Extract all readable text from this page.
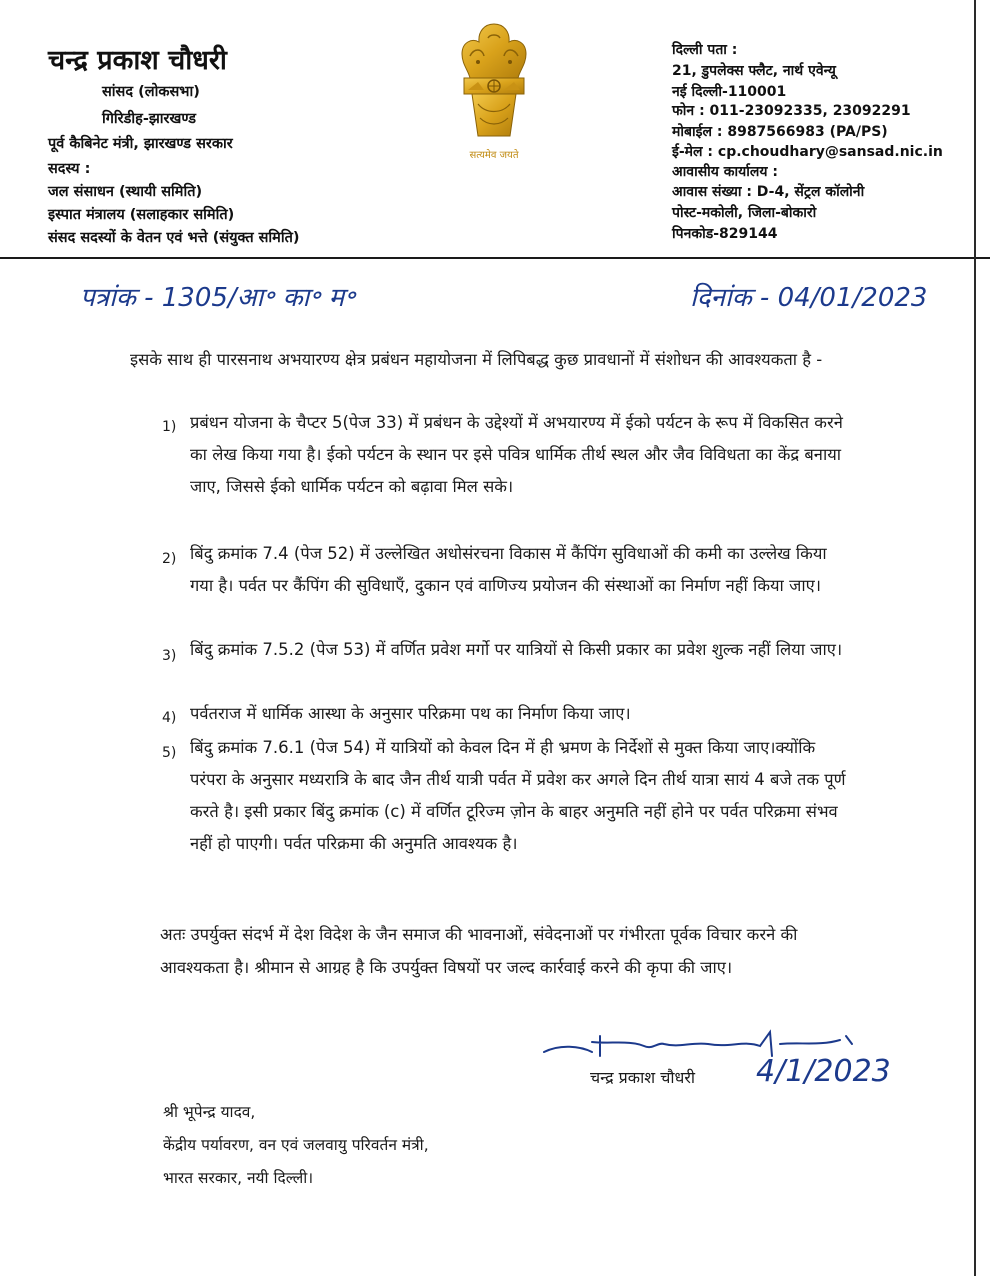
चन्द्र प्रकाश चौधरी
सांसद (लोकसभा)
गिरिडीह-झारखण्ड
पूर्व कैबिनेट मंत्री, झारखण्ड सरकार
सदस्य :
जल संसाधन (स्थायी समिति)
इस्पात मंत्रालय (सलाहकार समिति)
संसद सदस्यों के वेतन एवं भत्ते (संयुक्त समिति)
सत्यमेव जयते
दिल्ली पता :
21, डुपलेक्स फ्लैट, नार्थ एवेन्यू
नई दिल्ली-110001
फोन : 011-23092335, 23092291
मोबाईल : 8987566983 (PA/PS)
ई-मेल : cp.choudhary@sansad.nic.in
आवासीय कार्यालय :
आवास संख्या : D-4, सेंट्रल कॉलोनी
पोस्ट-मकोली, जिला-बोकारो
पिनकोड-829144
पत्रांक - 1305/आ॰ का॰ म॰	दिनांक - 04/01/2023
इसके साथ ही पारसनाथ अभयारण्य क्षेत्र प्रबंधन महायोजना में लिपिबद्ध कुछ प्रावधानों में संशोधन की आवश्यकता है -
1) प्रबंधन योजना के चैप्टर 5(पेज 33) में प्रबंधन के उद्देश्यों में अभयारण्य में ईको पर्यटन के रूप में विकसित करने का लेख किया गया है। ईको पर्यटन के स्थान पर इसे पवित्र धार्मिक तीर्थ स्थल और जैव विविधता का केंद्र बनाया जाए, जिससे ईको धार्मिक पर्यटन को बढ़ावा मिल सके।
2) बिंदु क्रमांक 7.4 (पेज 52) में उल्लेखित अधोसंरचना विकास में कैंपिंग सुविधाओं की कमी का उल्लेख किया गया है। पर्वत पर कैंपिंग की सुविधाएँ, दुकान एवं वाणिज्य प्रयोजन की संस्थाओं का निर्माण नहीं किया जाए।
3) बिंदु क्रमांक 7.5.2 (पेज 53) में वर्णित प्रवेश मर्गो पर यात्रियों से किसी प्रकार का प्रवेश शुल्क नहीं लिया जाए।
4) पर्वतराज में धार्मिक आस्था के अनुसार परिक्रमा पथ का निर्माण किया जाए।
5) बिंदु क्रमांक 7.6.1 (पेज 54) में यात्रियों को केवल दिन में ही भ्रमण के निर्देशों से मुक्त किया जाए।क्योंकि परंपरा के अनुसार मध्यरात्रि के बाद जैन तीर्थ यात्री पर्वत में प्रवेश कर अगले दिन तीर्थ यात्रा सायं 4 बजे तक पूर्ण करते है। इसी प्रकार बिंदु क्रमांक (c) में वर्णित टूरिज्म ज़ोन के बाहर अनुमति नहीं होने पर पर्वत परिक्रमा संभव नहीं हो पाएगी। पर्वत परिक्रमा की अनुमति आवश्यक है।
अतः उपर्युक्त संदर्भ में देश विदेश के जैन समाज की भावनाओं, संवेदनाओं पर गंभीरता पूर्वक विचार करने की आवश्यकता है। श्रीमान से आग्रह है कि उपर्युक्त विषयों पर जल्द कार्रवाई करने की कृपा की जाए।
चन्द्र प्रकाश चौधरी 4/1/2023
श्री भूपेन्द्र यादव,
केंद्रीय पर्यावरण, वन एवं जलवायु परिवर्तन मंत्री,
भारत सरकार, नयी दिल्ली।
